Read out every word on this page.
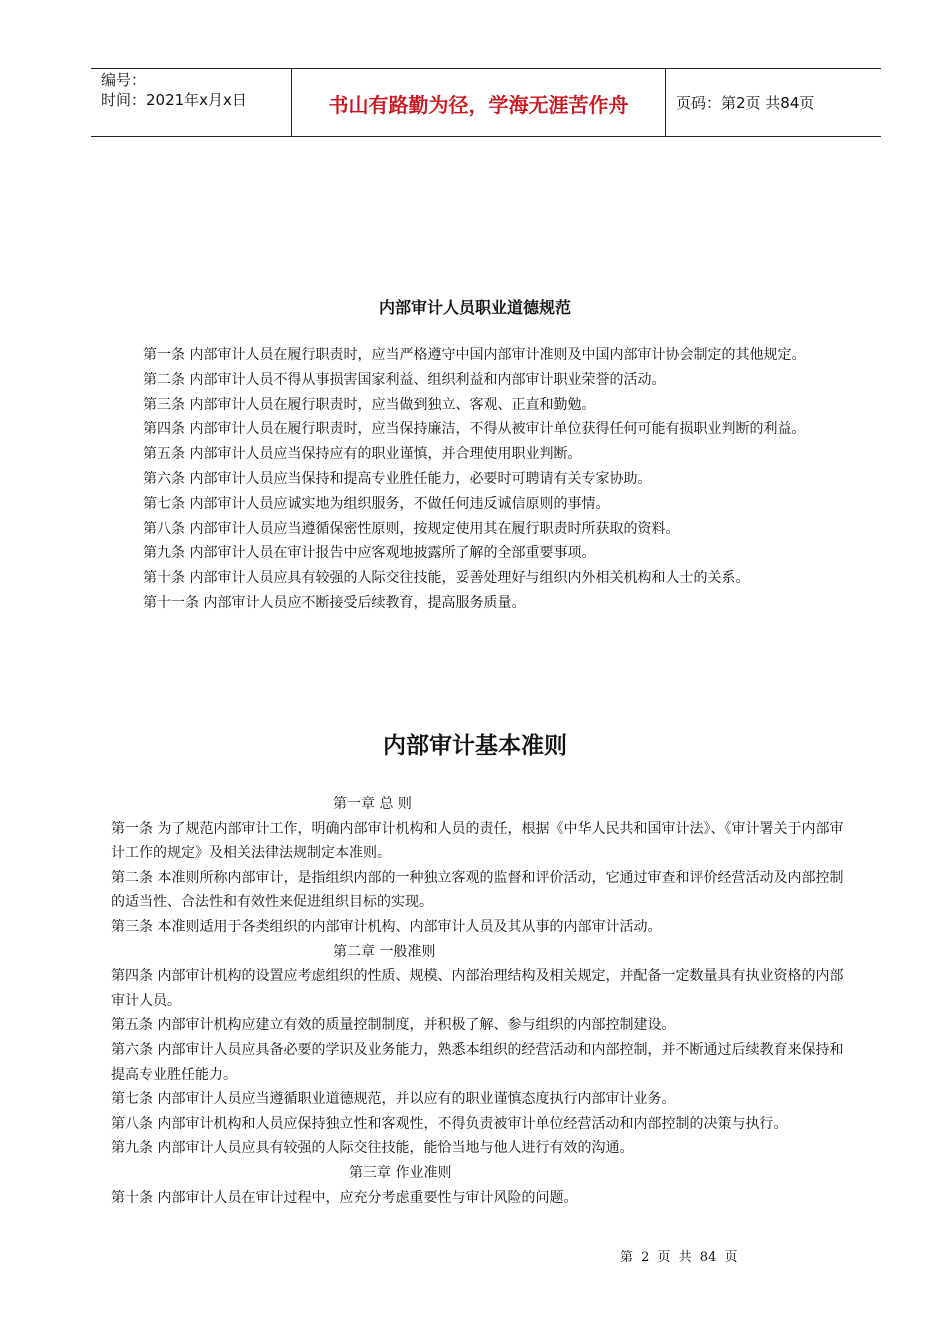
编号：
时间：2021年x月x日	书山有路勤为径，学海无涯苦作舟	页码：第2页 共84页
内部审计人员职业道德规范

第一条 内部审计人员在履行职责时，应当严格遵守中国内部审计准则及中国内部审计协会制定的其他规定。

第二条 内部审计人员不得从事损害国家利益、组织利益和内部审计职业荣誉的活动。

第三条 内部审计人员在履行职责时，应当做到独立、客观、正直和勤勉。

第四条 内部审计人员在履行职责时，应当保持廉洁，不得从被审计单位获得任何可能有损职业判断的利益。

第五条 内部审计人员应当保持应有的职业谨慎，并合理使用职业判断。

第六条 内部审计人员应当保持和提高专业胜任能力，必要时可聘请有关专家协助。

第七条 内部审计人员应诚实地为组织服务，不做任何违反诚信原则的事情。

第八条 内部审计人员应当遵循保密性原则，按规定使用其在履行职责时所获取的资料。

第九条 内部审计人员在审计报告中应客观地披露所了解的全部重要事项。

第十条 内部审计人员应具有较强的人际交往技能，妥善处理好与组织内外相关机构和人士的关系。

第十一条 内部审计人员应不断接受后续教育，提高服务质量。

内部审计基本准则

第一章 总 则

第一条 为了规范内部审计工作，明确内部审计机构和人员的责任，根据《中华人民共和国审计法》、《审计署关于内部审计工作的规定》及相关法律法规制定本准则。

第二条 本准则所称内部审计，是指组织内部的一种独立客观的监督和评价活动，它通过审查和评价经营活动及内部控制的适当性、合法性和有效性来促进组织目标的实现。

第三条 本准则适用于各类组织的内部审计机构、内部审计人员及其从事的内部审计活动。

第二章 一般准则

第四条 内部审计机构的设置应考虑组织的性质、规模、内部治理结构及相关规定，并配备一定数量具有执业资格的内部审计人员。

第五条 内部审计机构应建立有效的质量控制制度，并积极了解、参与组织的内部控制建设。

第六条 内部审计人员应具备必要的学识及业务能力，熟悉本组织的经营活动和内部控制，并不断通过后续教育来保持和提高专业胜任能力。

第七条 内部审计人员应当遵循职业道德规范，并以应有的职业谨慎态度执行内部审计业务。

第八条 内部审计机构和人员应保持独立性和客观性，不得负责被审计单位经营活动和内部控制的决策与执行。

第九条 内部审计人员应具有较强的人际交往技能，能恰当地与他人进行有效的沟通。

第三章 作业准则

第十条 内部审计人员在审计过程中，应充分考虑重要性与审计风险的问题。

第 2 页 共 84 页
